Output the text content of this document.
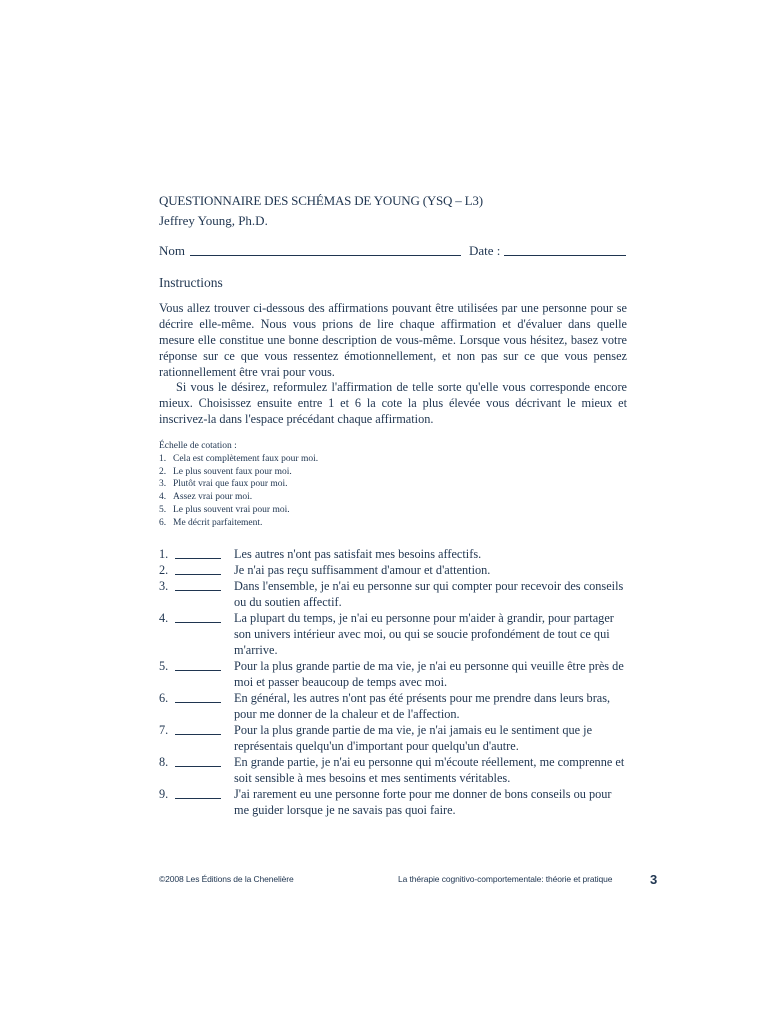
QUESTIONNAIRE DES SCHÉMAS DE YOUNG (YSQ – L3)
Jeffrey Young, Ph.D.
Nom	Date :
Instructions

Vous allez trouver ci-dessous des affirmations pouvant être utilisées par une personne pour se décrire elle-même. Nous vous prions de lire chaque affirmation et d'évaluer dans quelle mesure elle constitue une bonne description de vous-même. Lorsque vous hésitez, basez votre réponse sur ce que vous ressentez émotionnellement, et non pas sur ce que vous pensez rationnellement être vrai pour vous.

Si vous le désirez, reformulez l'affirmation de telle sorte qu'elle vous corresponde encore mieux. Choisissez ensuite entre 1 et 6 la cote la plus élevée vous décrivant le mieux et inscrivez-la dans l'espace précédant chaque affirmation.

Échelle de cotation :
1. Cela est complètement faux pour moi.
2. Le plus souvent faux pour moi.
3. Plutôt vrai que faux pour moi.
4. Assez vrai pour moi.
5. Le plus souvent vrai pour moi.
6. Me décrit parfaitement.
1.	Les autres n'ont pas satisfait mes besoins affectifs.
2.	Je n'ai pas reçu suffisamment d'amour et d'attention.
3.	Dans l'ensemble, je n'ai eu personne sur qui compter pour recevoir des conseils ou du soutien affectif.
4.	La plupart du temps, je n'ai eu personne pour m'aider à grandir, pour partager son univers intérieur avec moi, ou qui se soucie profondément de tout ce qui m'arrive.
5.	Pour la plus grande partie de ma vie, je n'ai eu personne qui veuille être près de moi et passer beaucoup de temps avec moi.
6.	En général, les autres n'ont pas été présents pour me prendre dans leurs bras, pour me donner de la chaleur et de l'affection.
7.	Pour la plus grande partie de ma vie, je n'ai jamais eu le sentiment que je représentais quelqu'un d'important pour quelqu'un d'autre.
8.	En grande partie, je n'ai eu personne qui m'écoute réellement, me comprenne et soit sensible à mes besoins et mes sentiments véritables.
9.	J'ai rarement eu une personne forte pour me donner de bons conseils ou pour me guider lorsque je ne savais pas quoi faire.
©2008 Les Éditions de la Chenelière	La thérapie cognitivo-comportementale: théorie et pratique	3
